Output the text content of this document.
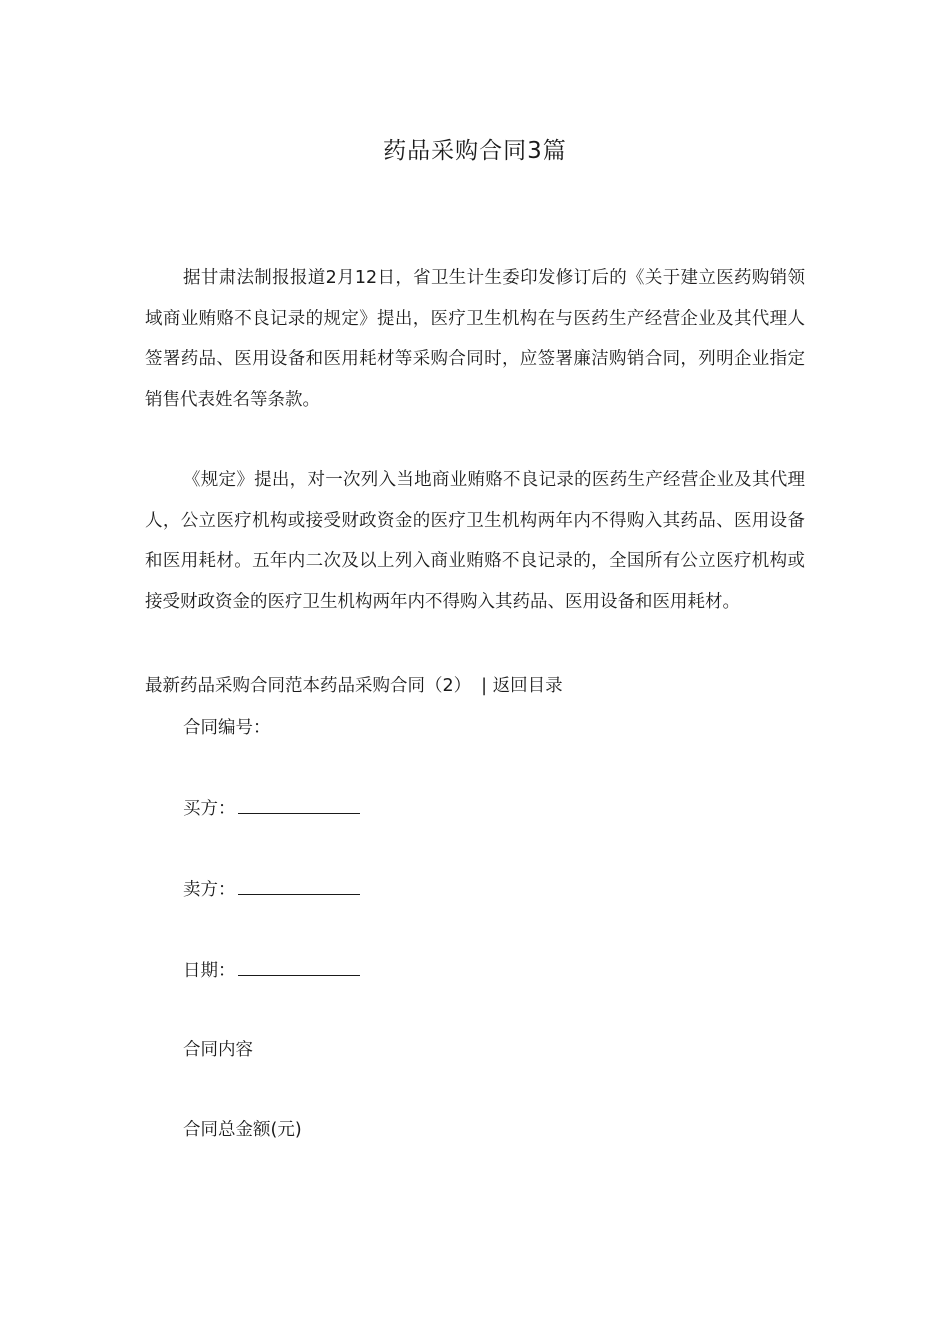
药品采购合同3篇

据甘肃法制报报道2月12日，省卫生计生委印发修订后的《关于建立医药购销领域商业贿赂不良记录的规定》提出，医疗卫生机构在与医药生产经营企业及其代理人签署药品、医用设备和医用耗材等采购合同时，应签署廉洁购销合同，列明企业指定销售代表姓名等条款。

《规定》提出，对一次列入当地商业贿赂不良记录的医药生产经营企业及其代理人，公立医疗机构或接受财政资金的医疗卫生机构两年内不得购入其药品、医用设备和医用耗材。五年内二次及以上列入商业贿赂不良记录的，全国所有公立医疗机构或接受财政资金的医疗卫生机构两年内不得购入其药品、医用设备和医用耗材。

最新药品采购合同范本药品采购合同（2） | 返回目录
合同编号：
买方：
卖方：
日期：
合同内容
合同总金额(元)
